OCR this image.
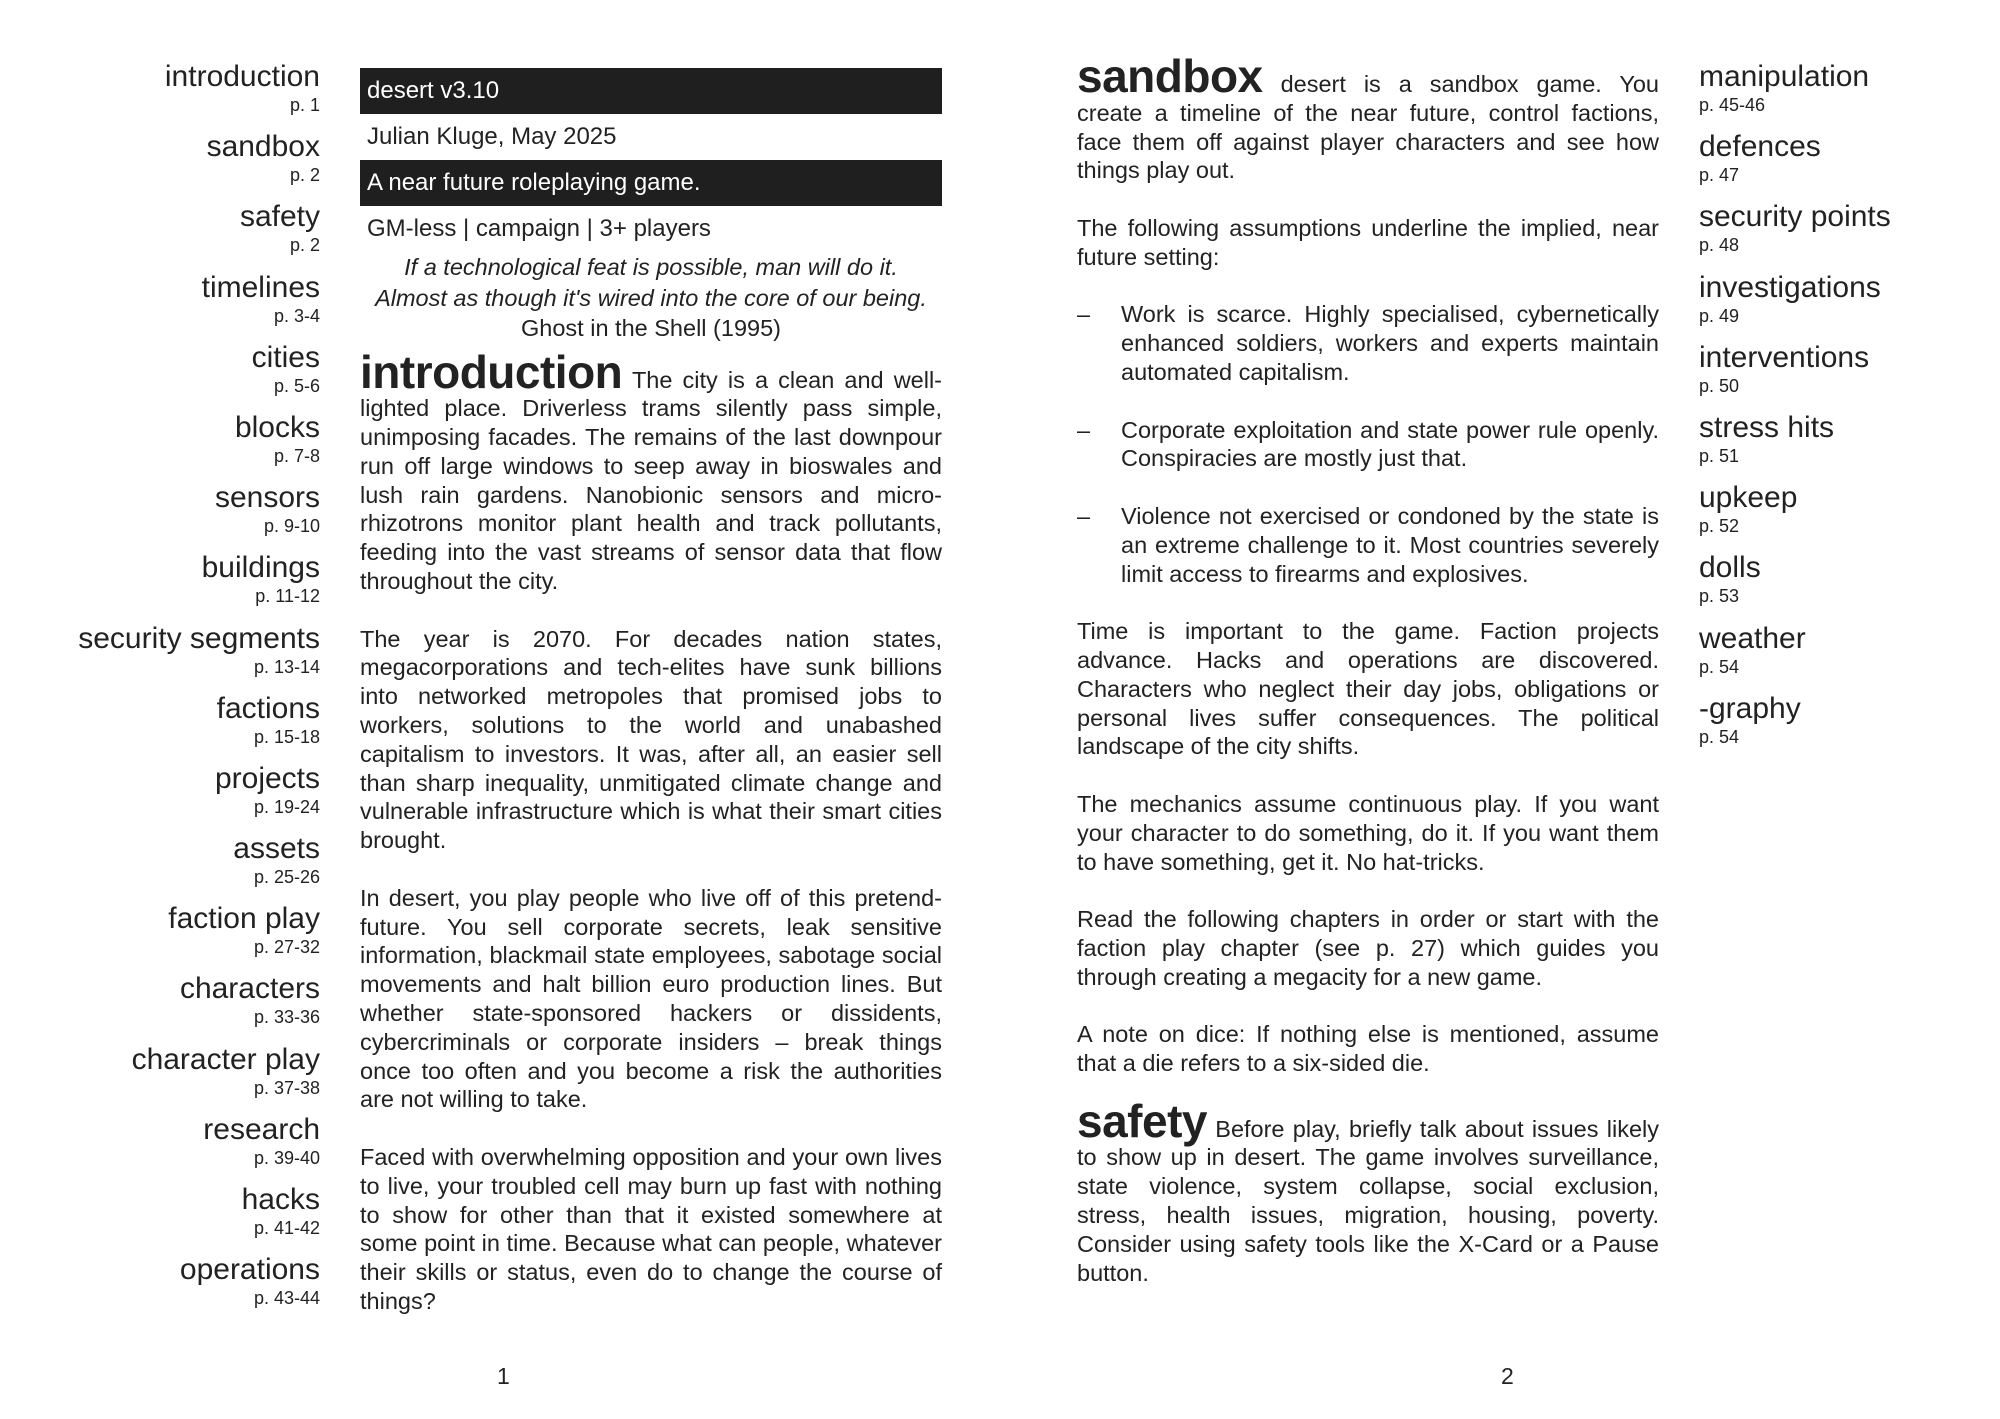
introduction
p. 1
sandbox
p. 2
safety
p. 2
timelines
p. 3-4
cities
p. 5-6
blocks
p. 7-8
sensors
p. 9-10
buildings
p. 11-12
security segments
p. 13-14
factions
p. 15-18
projects
p. 19-24
assets
p. 25-26
faction play
p. 27-32
characters
p. 33-36
character play
p. 37-38
research
p. 39-40
hacks
p. 41-42
operations
p. 43-44
desert v3.10
Julian Kluge, May 2025
A near future roleplaying game.
GM-less | campaign | 3+ players
If a technological feat is possible, man will do it.
Almost as though it's wired into the core of our being.
Ghost in the Shell (1995)

introduction The city is a clean and well-lighted place. Driverless trams silently pass simple, unimposing facades. The remains of the last downpour run off large windows to seep away in bioswales and lush rain gardens. Nanobionic sensors and micro-rhizotrons monitor plant health and track pollutants, feeding into the vast streams of sensor data that flow throughout the city.

The year is 2070. For decades nation states, megacorporations and tech-elites have sunk billions into networked metropoles that promised jobs to workers, solutions to the world and unabashed capitalism to investors. It was, after all, an easier sell than sharp inequality, unmitigated climate change and vulnerable infrastructure which is what their smart cities brought.

In desert, you play people who live off of this pretend-future. You sell corporate secrets, leak sensitive information, blackmail state employees, sabotage social movements and halt billion euro production lines. But whether state-sponsored hackers or dissidents, cybercriminals or corporate insiders – break things once too often and you become a risk the authorities are not willing to take.

Faced with overwhelming opposition and your own lives to live, your troubled cell may burn up fast with nothing to show for other than that it existed somewhere at some point in time. Because what can people, whatever their skills or status, even do to change the course of things?

1

sandbox desert is a sandbox game. You create a timeline of the near future, control factions, face them off against player characters and see how things play out.

The following assumptions underline the implied, near future setting:

– Work is scarce. Highly specialised, cybernetically enhanced soldiers, workers and experts maintain automated capitalism.
– Corporate exploitation and state power rule openly. Conspiracies are mostly just that.
– Violence not exercised or condoned by the state is an extreme challenge to it. Most countries severely limit access to firearms and explosives.

Time is important to the game. Faction projects advance. Hacks and operations are discovered. Characters who neglect their day jobs, obligations or personal lives suffer consequences. The political landscape of the city shifts.

The mechanics assume continuous play. If you want your character to do something, do it. If you want them to have something, get it. No hat-tricks.

Read the following chapters in order or start with the faction play chapter (see p. 27) which guides you through creating a megacity for a new game.

A note on dice: If nothing else is mentioned, assume that a die refers to a six-sided die.

safety Before play, briefly talk about issues likely to show up in desert. The game involves surveillance, state violence, system collapse, social exclusion, stress, health issues, migration, housing, poverty. Consider using safety tools like the X-Card or a Pause button.

2
manipulation
p. 45-46
defences
p. 47
security points
p. 48
investigations
p. 49
interventions
p. 50
stress hits
p. 51
upkeep
p. 52
dolls
p. 53
weather
p. 54
-graphy
p. 54
